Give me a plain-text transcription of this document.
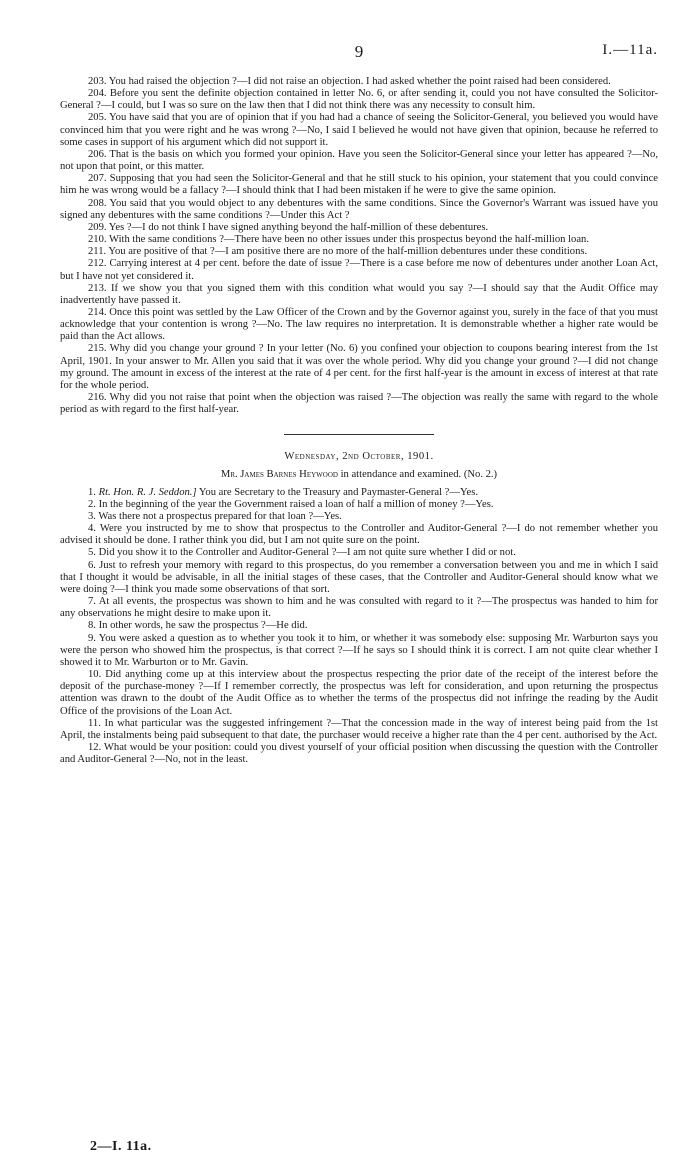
9	I.—11a.

203. You had raised the objection ?—I did not raise an objection. I had asked whether the point raised had been considered.

204. Before you sent the definite objection contained in letter No. 6, or after sending it, could you not have consulted the Solicitor-General ?—I could, but I was so sure on the law then that I did not think there was any necessity to consult him.

205. You have said that you are of opinion that if you had had a chance of seeing the Solicitor-General, you believed you would have convinced him that you were right and he was wrong ?—No, I said I believed he would not have given that opinion, because he referred to some cases in support of his argument which did not support it.

206. That is the basis on which you formed your opinion. Have you seen the Solicitor-General since your letter has appeared ?—No, not upon that point, or this matter.

207. Supposing that you had seen the Solicitor-General and that he still stuck to his opinion, your statement that you could convince him he was wrong would be a fallacy ?—I should think that I had been mistaken if he were to give the same opinion.

208. You said that you would object to any debentures with the same conditions. Since the Governor's Warrant was issued have you signed any debentures with the same conditions ?—Under this Act ?

209. Yes ?—I do not think I have signed anything beyond the half-million of these debentures.

210. With the same conditions ?—There have been no other issues under this prospectus beyond the half-million loan.

211. You are positive of that ?—I am positive there are no more of the half-million debentures under these conditions.

212. Carrying interest at 4 per cent. before the date of issue ?—There is a case before me now of debentures under another Loan Act, but I have not yet considered it.

213. If we show you that you signed them with this condition what would you say ?—I should say that the Audit Office may inadvertently have passed it.

214. Once this point was settled by the Law Officer of the Crown and by the Governor against you, surely in the face of that you must acknowledge that your contention is wrong ?—No. The law requires no interpretation. It is demonstrable whether a higher rate would be paid than the Act allows.

215. Why did you change your ground ? In your letter (No. 6) you confined your objection to coupons bearing interest from the 1st April, 1901. In your answer to Mr. Allen you said that it was over the whole period. Why did you change your ground ?—I did not change my ground. The amount in excess of the interest at the rate of 4 per cent. for the first half-year is the amount in excess of interest at that rate for the whole period.

216. Why did you not raise that point when the objection was raised ?—The objection was really the same with regard to the whole period as with regard to the first half-year.

Wednesday, 2nd October, 1901.

Mr. James Barnes Heywood in attendance and examined. (No. 2.)

1. Rt. Hon. R. J. Seddon.] You are Secretary to the Treasury and Paymaster-General ?—Yes.

2. In the beginning of the year the Government raised a loan of half a million of money ?—Yes.

3. Was there not a prospectus prepared for that loan ?—Yes.

4. Were you instructed by me to show that prospectus to the Controller and Auditor-General ?—I do not remember whether you advised it should be done. I rather think you did, but I am not quite sure on the point.

5. Did you show it to the Controller and Auditor-General ?—I am not quite sure whether I did or not.

6. Just to refresh your memory with regard to this prospectus, do you remember a conversation between you and me in which I said that I thought it would be advisable, in all the initial stages of these cases, that the Controller and Auditor-General should know what we were doing ?—I think you made some observations of that sort.

7. At all events, the prospectus was shown to him and he was consulted with regard to it ?—The prospectus was handed to him for any observations he might desire to make upon it.

8. In other words, he saw the prospectus ?—He did.

9. You were asked a question as to whether you took it to him, or whether it was somebody else: supposing Mr. Warburton says you were the person who showed him the prospectus, is that correct ?—If he says so I should think it is correct. I am not quite clear whether I showed it to Mr. Warburton or to Mr. Gavin.

10. Did anything come up at this interview about the prospectus respecting the prior date of the receipt of the interest before the deposit of the purchase-money ?—If I remember correctly, the prospectus was left for consideration, and upon returning the prospectus attention was drawn to the doubt of the Audit Office as to whether the terms of the prospectus did not infringe the reading by the Audit Office of the provisions of the Loan Act.

11. In what particular was the suggested infringement ?—That the concession made in the way of interest being paid from the 1st April, the instalments being paid subsequent to that date, the purchaser would receive a higher rate than the 4 per cent. authorised by the Act.

12. What would be your position: could you divest yourself of your official position when discussing the question with the Controller and Auditor-General ?—No, not in the least.

2—I. 11a.
